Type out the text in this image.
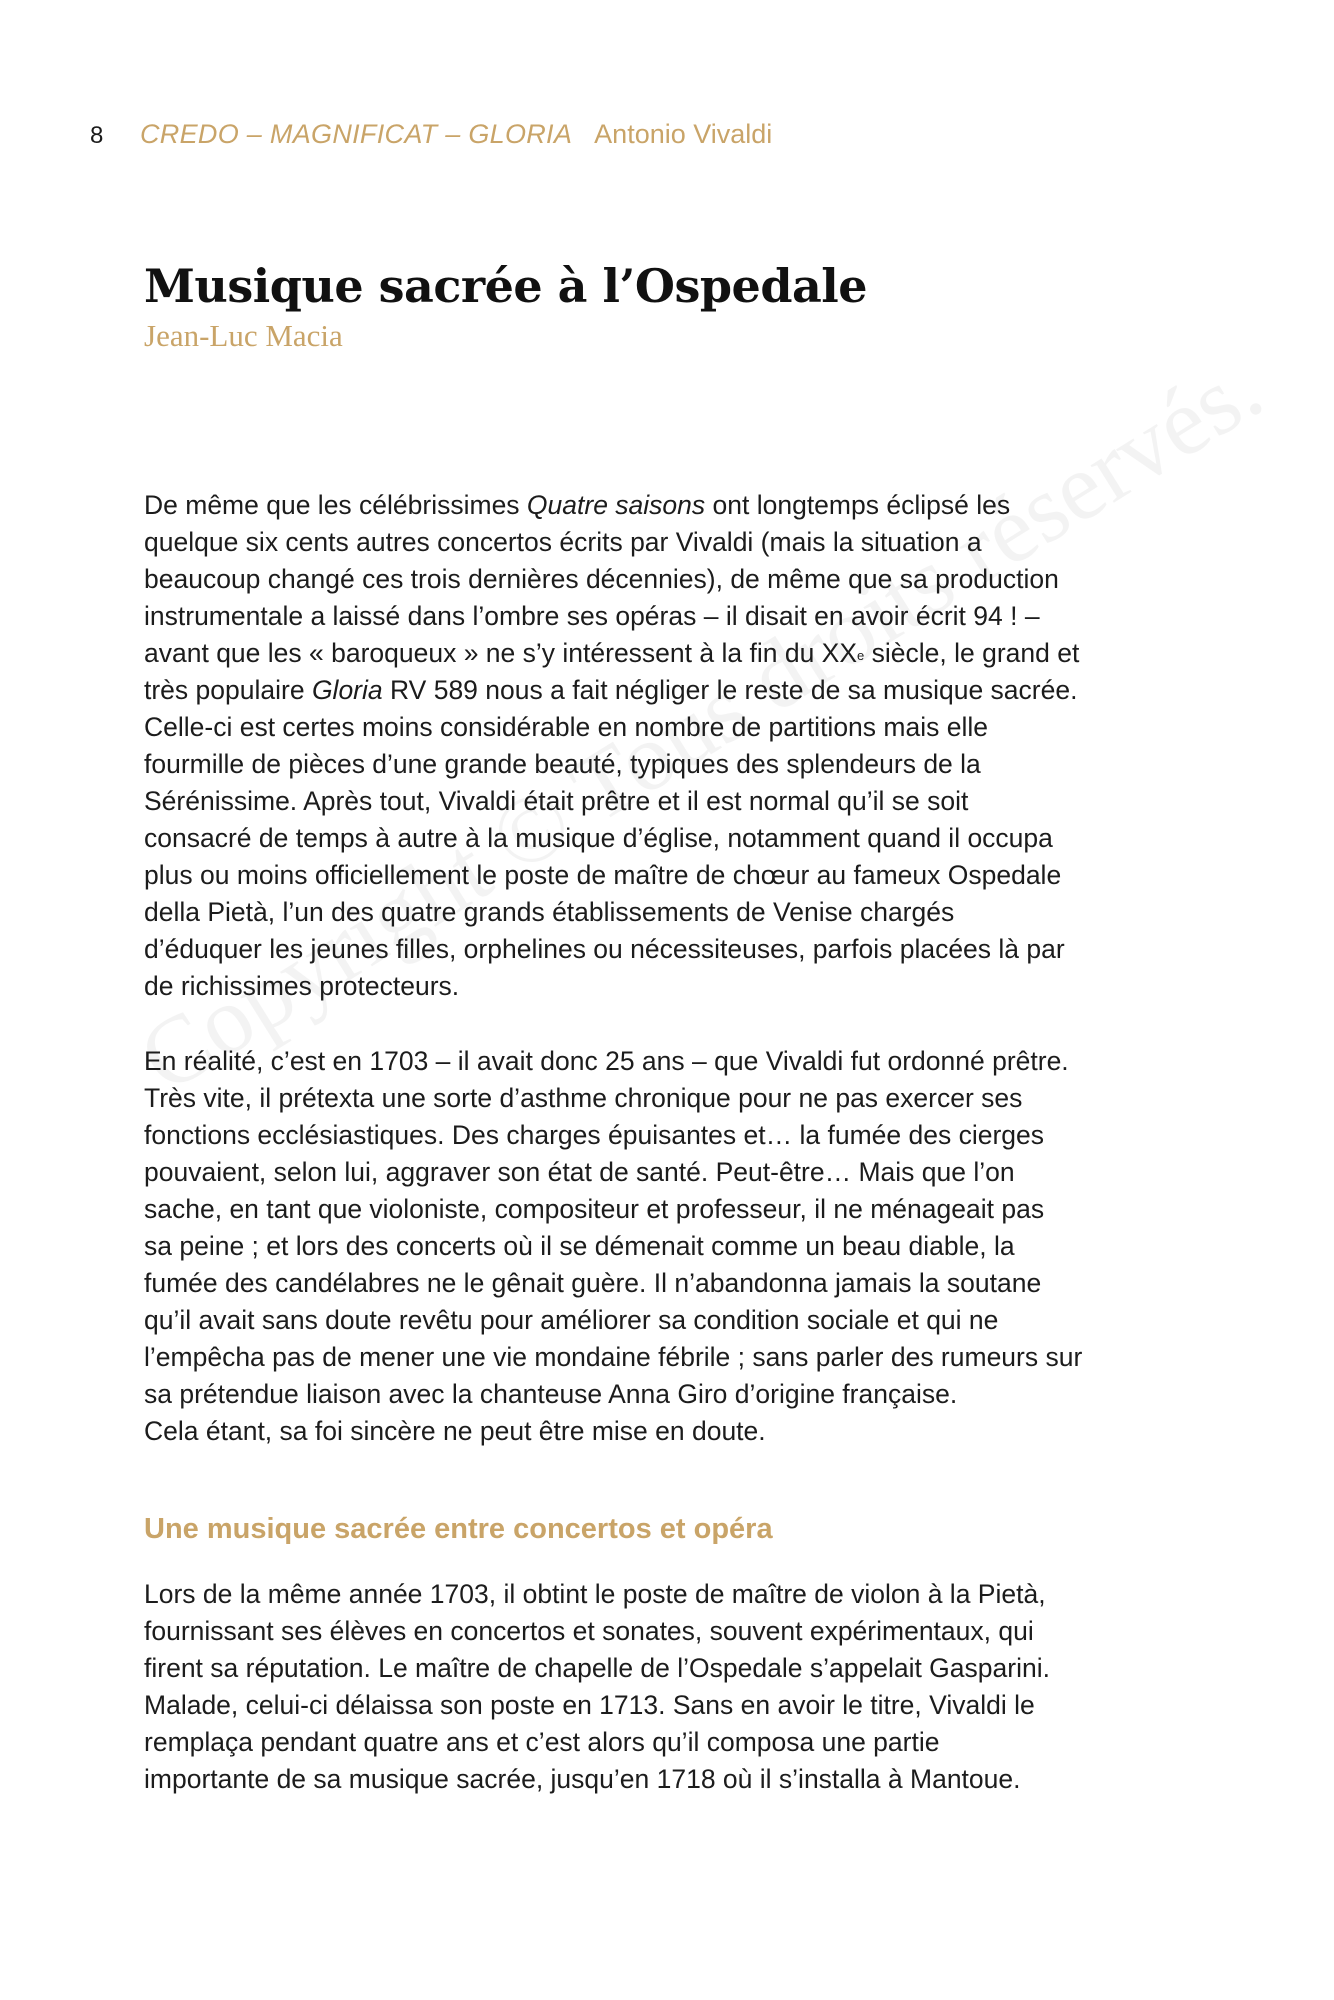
8 CREDO – MAGNIFICAT – GLORIA Antonio Vivaldi
Musique sacrée à l’Ospedale
Jean-Luc Macia

De même que les célébrissimes Quatre saisons ont longtemps éclipsé les
quelque six cents autres concertos écrits par Vivaldi (mais la situation a
beaucoup changé ces trois dernières décennies), de même que sa production
instrumentale a laissé dans l’ombre ses opéras – il disait en avoir écrit 94 ! –
avant que les « baroqueux » ne s’y intéressent à la fin du XXe siècle, le grand et
très populaire Gloria RV 589 nous a fait négliger le reste de sa musique sacrée.
Celle-ci est certes moins considérable en nombre de partitions mais elle
fourmille de pièces d’une grande beauté, typiques des splendeurs de la
Sérénissime. Après tout, Vivaldi était prêtre et il est normal qu’il se soit
consacré de temps à autre à la musique d’église, notamment quand il occupa
plus ou moins officiellement le poste de maître de chœur au fameux Ospedale
della Pietà, l’un des quatre grands établissements de Venise chargés
d’éduquer les jeunes filles, orphelines ou nécessiteuses, parfois placées là par
de richissimes protecteurs.

En réalité, c’est en 1703 – il avait donc 25 ans – que Vivaldi fut ordonné prêtre.
Très vite, il prétexta une sorte d’asthme chronique pour ne pas exercer ses
fonctions ecclésiastiques. Des charges épuisantes et… la fumée des cierges
pouvaient, selon lui, aggraver son état de santé. Peut-être… Mais que l’on
sache, en tant que violoniste, compositeur et professeur, il ne ménageait pas
sa peine ; et lors des concerts où il se démenait comme un beau diable, la
fumée des candélabres ne le gênait guère. Il n’abandonna jamais la soutane
qu’il avait sans doute revêtu pour améliorer sa condition sociale et qui ne
l’empêcha pas de mener une vie mondaine fébrile ; sans parler des rumeurs sur
sa prétendue liaison avec la chanteuse Anna Giro d’origine française.
Cela étant, sa foi sincère ne peut être mise en doute.

Une musique sacrée entre concertos et opéra

Lors de la même année 1703, il obtint le poste de maître de violon à la Pietà,
fournissant ses élèves en concertos et sonates, souvent expérimentaux, qui
firent sa réputation. Le maître de chapelle de l’Ospedale s’appelait Gasparini.
Malade, celui-ci délaissa son poste en 1713. Sans en avoir le titre, Vivaldi le
remplaça pendant quatre ans et c’est alors qu’il composa une partie
importante de sa musique sacrée, jusqu’en 1718 où il s’installa à Mantoue.
